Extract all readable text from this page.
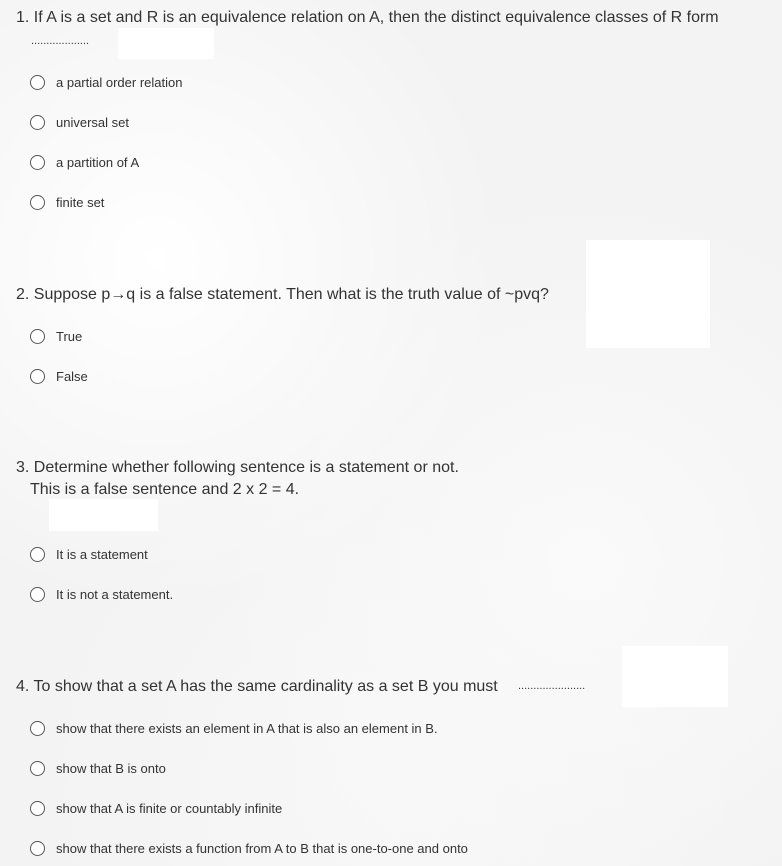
1. If A is a set and R is an equivalence relation on A, then the distinct equivalence classes of R form
...................
a partial order relation
universal set
a partition of A
finite set
2. Suppose p→q is a false statement. Then what is the truth value of ~pvq?
True
False
3. Determine whether following sentence is a statement or not.
This is a false sentence and 2 x 2 = 4.
It is a statement
It is not a statement.
4. To show that a set A has the same cardinality as a set B you must ......................
show that there exists an element in A that is also an element in B.
show that B is onto
show that A is finite or countably infinite
show that there exists a function from A to B that is one-to-one and onto
